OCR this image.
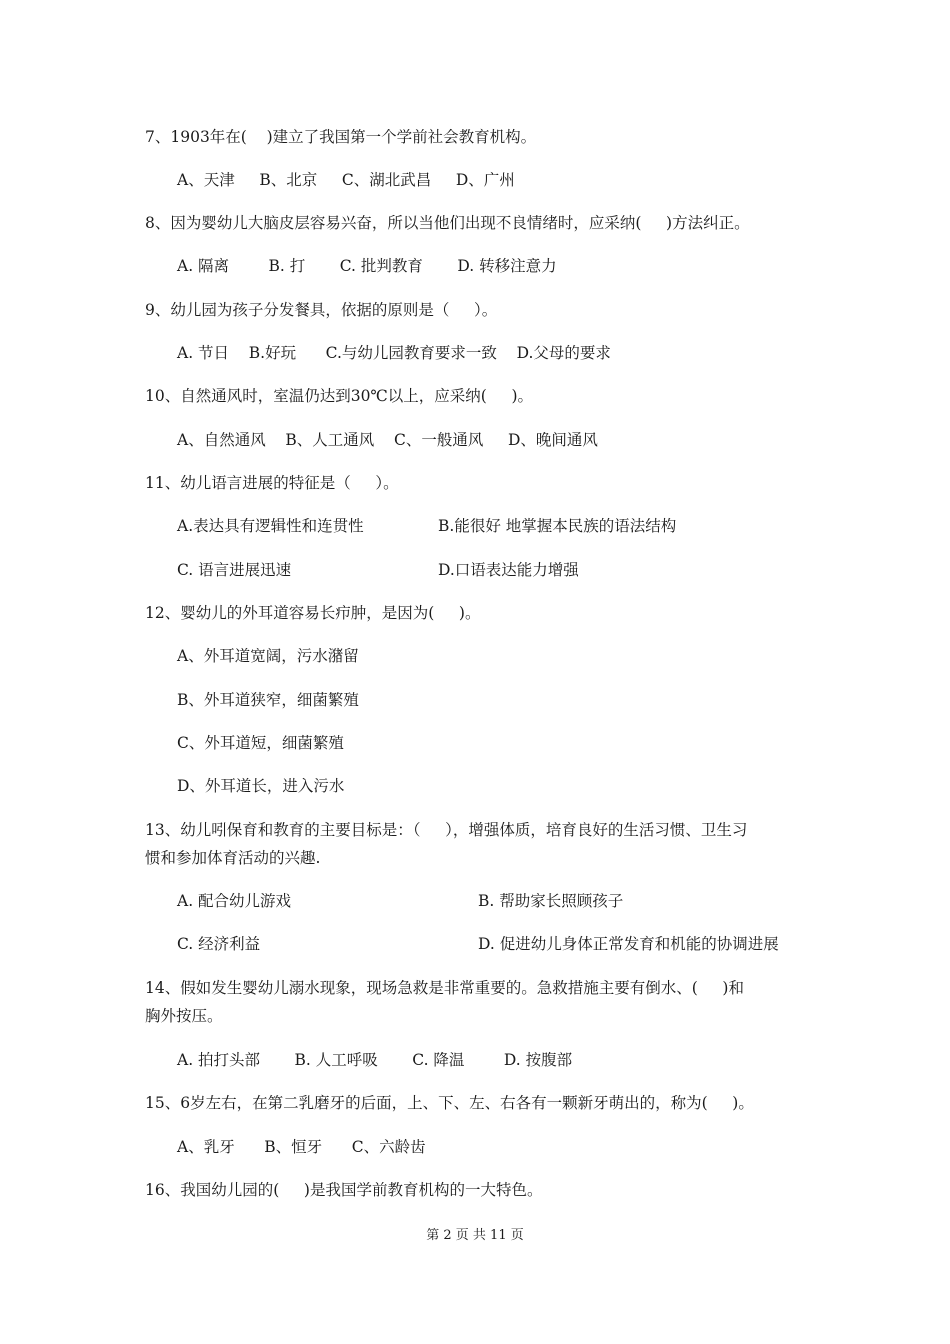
7、1903年在(    )建立了我国第一个学前社会教育机构。
A、天津     B、北京     C、湖北武昌     D、广州
8、因为婴幼儿大脑皮层容易兴奋，所以当他们出现不良情绪时，应采纳(     )方法纠正。
A. 隔离        B. 打       C. 批判教育       D. 转移注意力
9、幼儿园为孩子分发餐具，依据的原则是（     ）。
A. 节日    B.好玩      C.与幼儿园教育要求一致    D.父母的要求
10、自然通风时，室温仍达到30℃以上，应采纳(     )。
A、自然通风    B、人工通风    C、一般通风     D、晚间通风
11、幼儿语言进展的特征是（     ）。
A.表达具有逻辑性和连贯性	B.能很好 地掌握本民族的语法结构
C. 语言进展迅速	D.口语表达能力增强
12、婴幼儿的外耳道容易长疖肿，是因为(     )。
A、外耳道宽阔，污水潴留
B、外耳道狭窄，细菌繁殖
C、外耳道短，细菌繁殖
D、外耳道长，进入污水
13、幼儿吲保育和教育的主要目标是：（     ），增强体质，培育良好的生活习惯、卫生习
惯和参加体育活动的兴趣.
A. 配合幼儿游戏	B. 帮助家长照顾孩子
C. 经济利益	D. 促进幼儿身体正常发育和机能的协调进展
14、假如发生婴幼儿溺水现象，现场急救是非常重要的。急救措施主要有倒水、(     )和
胸外按压。
A. 拍打头部       B. 人工呼吸       C. 降温        D. 按腹部
15、6岁左右，在第二乳磨牙的后面，上、下、左、右各有一颗新牙萌出的，称为(     )。
A、乳牙      B、恒牙      C、六龄齿
16、我国幼儿园的(     )是我国学前教育机构的一大特色。
第 2 页 共 11 页
